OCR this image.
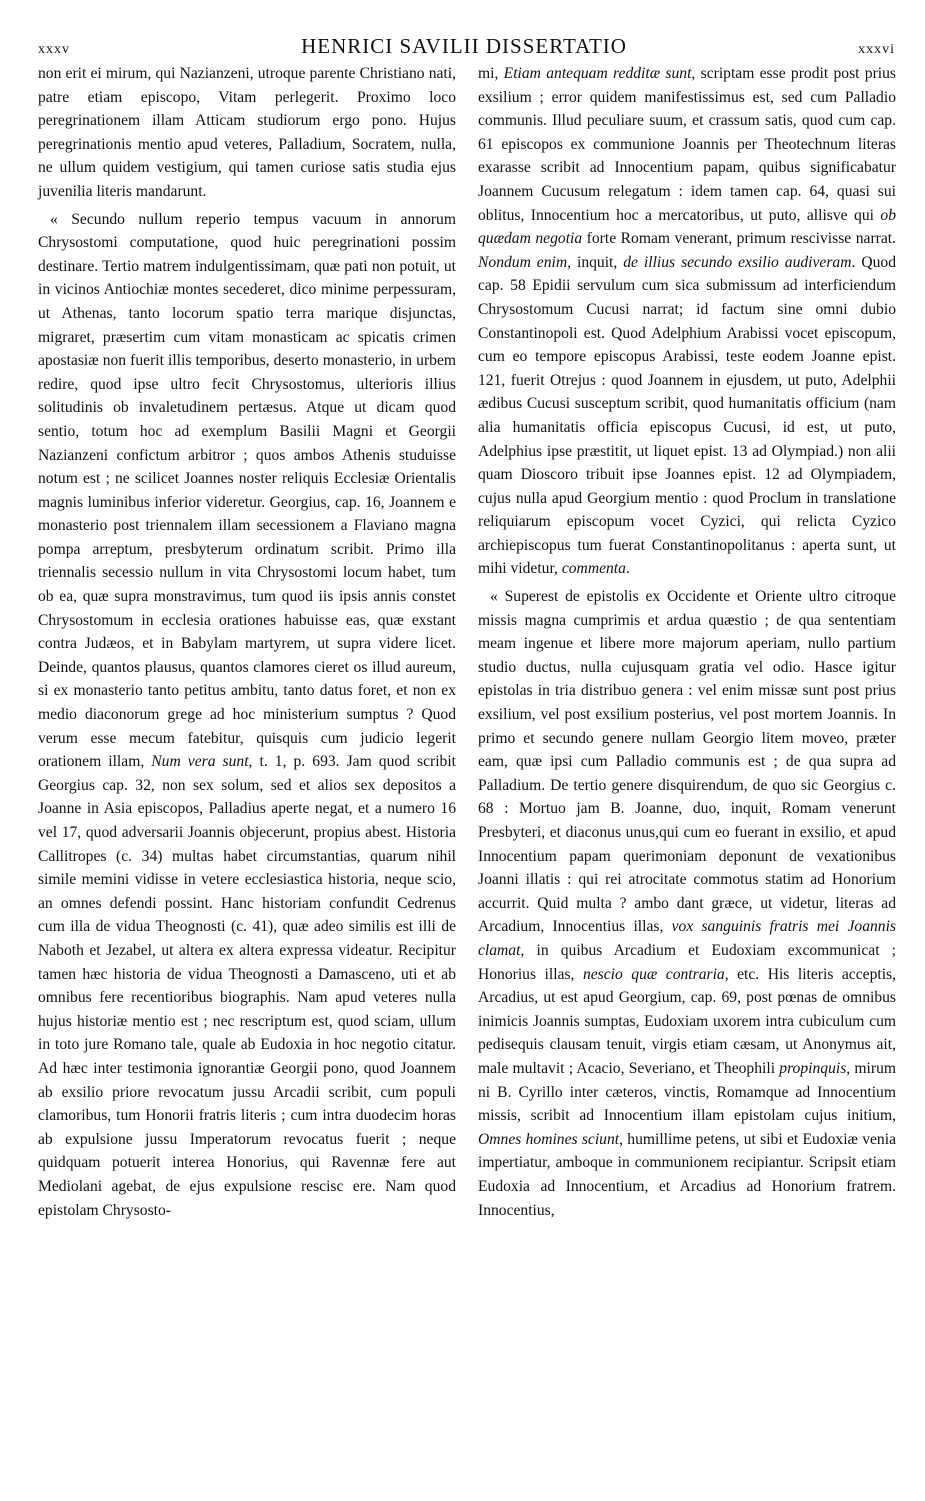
xxxv	HENRICI SAVILII DISSERTATIO	xxxvi

non erit ei mirum, qui Nazianzeni, utroque parente Christiano nati, patre etiam episcopo, Vitam perlegerit. Proximo loco peregrinationem illam Atticam studiorum ergo pono. Hujus peregrinationis mentio apud veteres, Palladium, Socratem, nulla, ne ullum quidem vestigium, qui tamen curiose satis studia ejus juvenilia literis mandarunt.

« Secundo nullum reperio tempus vacuum in annorum Chrysostomi computatione, quod huic peregrinationi possim destinare. Tertio matrem indulgentissimam, quæ pati non potuit, ut in vicinos Antiochiæ montes secederet, dico minime perpessuram, ut Athenas, tanto locorum spatio terra marique disjunctas, migraret, præsertim cum vitam monasticam ac spicatis crimen apostasiæ non fuerit illis temporibus, deserto monasterio, in urbem redire, quod ipse ultro fecit Chrysostomus, ulterioris illius solitudinis ob invaletudinem pertæsus. Atque ut dicam quod sentio, totum hoc ad exemplum Basilii Magni et Georgii Nazianzeni confictum arbitror ; quos ambos Athenis studuisse notum est ; ne scilicet Joannes noster reliquis Ecclesiæ Orientalis magnis luminibus inferior videretur. Georgius, cap. 16, Joannem e monasterio post triennalem illam secessionem a Flaviano magna pompa arreptum, presbyterum ordinatum scribit. Primo illa triennalis secessio nullum in vita Chrysostomi locum habet, tum ob ea, quæ supra monstravimus, tum quod iis ipsis annis constet Chrysostomum in ecclesia orationes habuisse eas, quæ exstant contra Judæos, et in Babylam martyrem, ut supra videre licet. Deinde, quantos plausus, quantos clamores cieret os illud aureum, si ex monasterio tanto petitus ambitu, tanto datus foret, et non ex medio diaconorum grege ad hoc ministerium sumptus ? Quod verum esse mecum fatebitur, quisquis cum judicio legerit orationem illam, Num vera sunt, t. 1, p. 693. Jam quod scribit Georgius cap. 32, non sex solum, sed et alios sex depositos a Joanne in Asia episcopos, Palladius aperte negat, et a numero 16 vel 17, quod adversarii Joannis objecerunt, propius abest. Historia Callitropes (c. 34) multas habet circumstantias, quarum nihil simile memini vidisse in vetere ecclesiastica historia, neque scio, an omnes defendi possint. Hanc historiam confundit Cedrenus cum illa de vidua Theognosti (c. 41), quæ adeo similis est illi de Naboth et Jezabel, ut altera ex altera expressa videatur. Recipitur tamen hæc historia de vidua Theognosti a Damasceno, uti et ab omnibus fere recentioribus biographis. Nam apud veteres nulla hujus historiæ mentio est ; nec rescriptum est, quod sciam, ullum in toto jure Romano tale, quale ab Eudoxia in hoc negotio citatur. Ad hæc inter testimonia ignorantiæ Georgii pono, quod Joannem ab exsilio priore revocatum jussu Arcadii scribit, cum populi clamoribus, tum Honorii fratris literis ; cum intra duodecim horas ab expulsione jussu Imperatorum revocatus fuerit ; neque quidquam potuerit interea Honorius, qui Ravennæ fere aut Mediolani agebat, de ejus expulsione rescisc ere. Nam quod epistolam Chrysosto-

mi, Etiam antequam redditæ sunt, scriptam esse prodit post prius exsilium ; error quidem manifestissimus est, sed cum Palladio communis. Illud peculiare suum, et crassum satis, quod cum cap. 61 episcopos ex communione Joannis per Theotechnum literas exarasse scribit ad Innocentium papam, quibus significabatur Joannem Cucusum relegatum : idem tamen cap. 64, quasi sui oblitus, Innocentium hoc a mercatoribus, ut puto, allisve qui ob quædam negotia forte Romam venerant, primum rescivisse narrat. Nondum enim, inquit, de illius secundo exsilio audiveram. Quod cap. 58 Epidii servulum cum sica submissum ad interficiendum Chrysostomum Cucusi narrat; id factum sine omni dubio Constantinopoli est. Quod Adelphium Arabissi vocet episcopum, cum eo tempore episcopus Arabissi, teste eodem Joanne epist. 121, fuerit Otrejus : quod Joannem in ejusdem, ut puto, Adelphii ædibus Cucusi susceptum scribit, quod humanitatis officium (nam alia humanitatis officia episcopus Cucusi, id est, ut puto, Adelphius ipse præstitit, ut liquet epist. 13 ad Olympiad.) non alii quam Dioscoro tribuit ipse Joannes epist. 12 ad Olympiadem, cujus nulla apud Georgium mentio : quod Proclum in translatione reliquiarum episcopum vocet Cyzici, qui relicta Cyzico archiepiscopus tum fuerat Constantinopolitanus : aperta sunt, ut mihi videtur, commenta.

« Superest de epistolis ex Occidente et Oriente ultro citroque missis magna cumprimis et ardua quæstio ; de qua sententiam meam ingenue et libere more majorum aperiam, nullo partium studio ductus, nulla cujusquam gratia vel odio. Hasce igitur epistolas in tria distribuo genera : vel enim missæ sunt post prius exsilium, vel post exsilium posterius, vel post mortem Joannis. In primo et secundo genere nullam Georgio litem moveo, præter eam, quæ ipsi cum Palladio communis est ; de qua supra ad Palladium. De tertio genere disquirendum, de quo sic Georgius c. 68 : Mortuo jam B. Joanne, duo, inquit, Romam venerunt Presbyteri, et diaconus unus,qui cum eo fuerant in exsilio, et apud Innocentium papam querimoniam deponunt de vexationibus Joanni illatis : qui rei atrocitate commotus statim ad Honorium accurrit. Quid multa ? ambo dant græce, ut videtur, literas ad Arcadium, Innocentius illas, vox sanguinis fratris mei Joannis clamat, in quibus Arcadium et Eudoxiam excommunicat ; Honorius illas, nescio quæ contraria, etc. His literis acceptis, Arcadius, ut est apud Georgium, cap. 69, post pœnas de omnibus inimicis Joannis sumptas, Eudoxiam uxorem intra cubiculum cum pedisequis clausam tenuit, virgis etiam cæsam, ut Anonymus ait, male multavit ; Acacio, Severiano, et Theophili propinquis, mirum ni B. Cyrillo inter cæteros, vinctis, Romamque ad Innocentium missis, scribit ad Innocentium illam epistolam cujus initium, Omnes homines sciunt, humillime petens, ut sibi et Eudoxiæ venia impertiatur, amboque in communionem recipiantur. Scripsit etiam Eudoxia ad Innocentium, et Arcadius ad Honorium fratrem. Innocentius,
